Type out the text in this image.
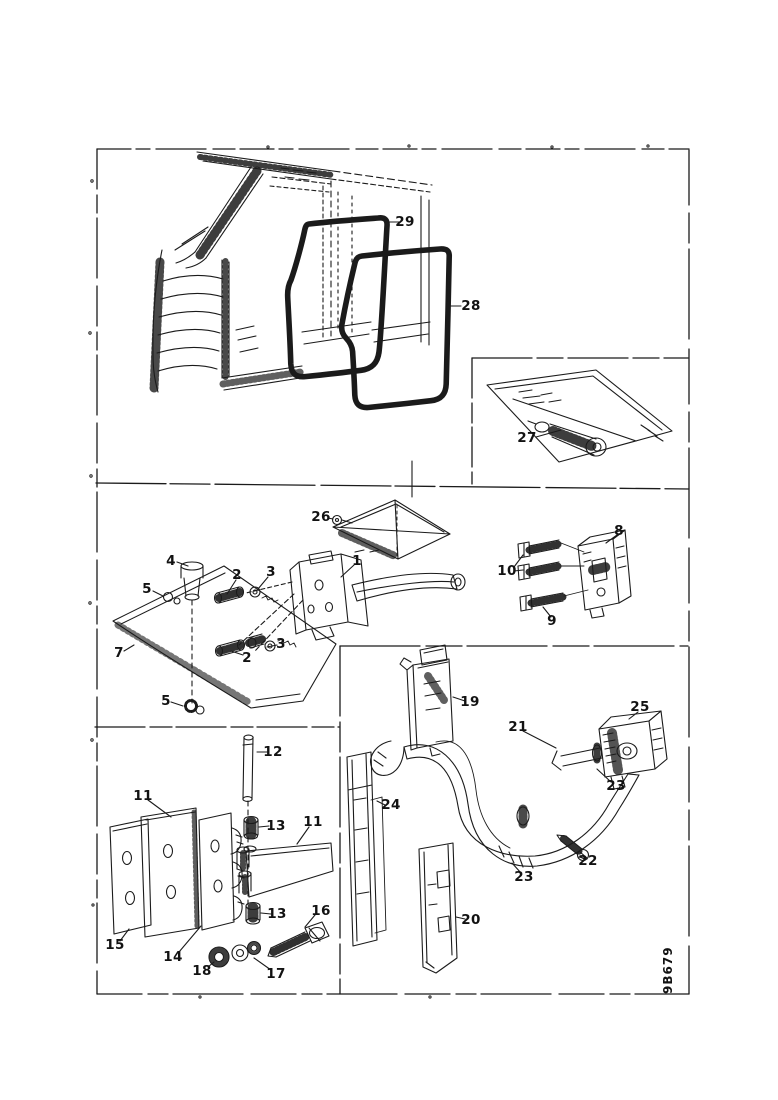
29
28
27
26
1
4
5
2 3
2
3
7
5
8
10
9
11
12
13 11
13 16
15
14
18	17
19
21
24
25
23
22
23
20
9B679
